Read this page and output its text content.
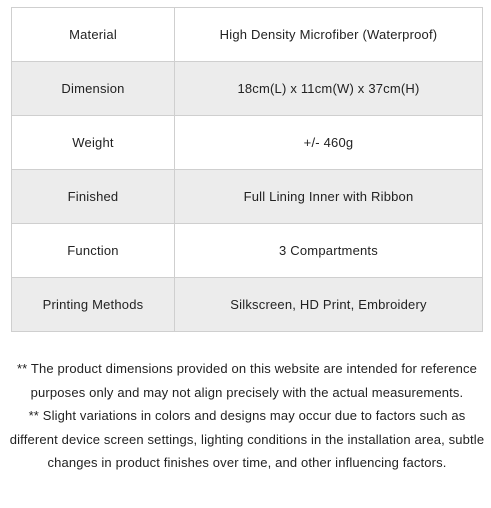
Material	High Density Microfiber (Waterproof)
Dimension	18cm(L) x 11cm(W) x 37cm(H)
Weight	+/- 460g
Finished	Full Lining Inner with Ribbon
Function	3 Compartments
Printing Methods	Silkscreen, HD Print, Embroidery

** The product dimensions provided on this website are intended for reference purposes only and may not align precisely with the actual measurements.

** Slight variations in colors and designs may occur due to factors such as different device screen settings, lighting conditions in the installation area, subtle changes in product finishes over time, and other influencing factors.
